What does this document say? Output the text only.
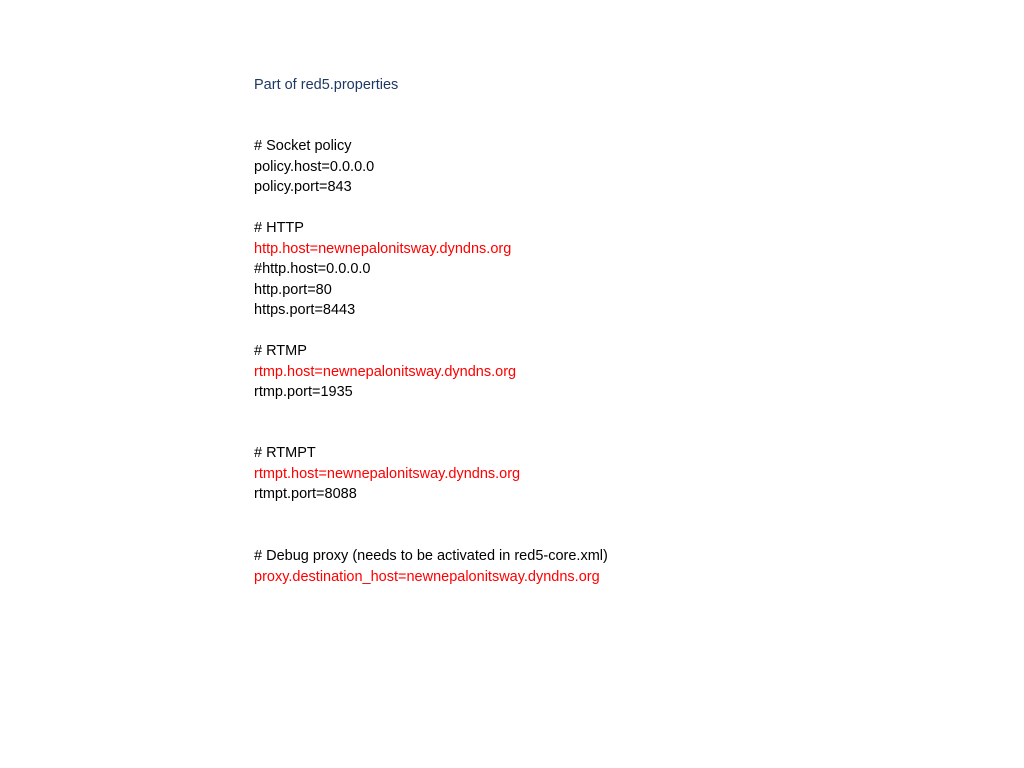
Part of red5.properties

# Socket policy
policy.host=0.0.0.0
policy.port=843
# HTTP
http.host=newnepalonitsway.dyndns.org
#http.host=0.0.0.0
http.port=80
https.port=8443
# RTMP
rtmp.host=newnepalonitsway.dyndns.org
rtmp.port=1935
# RTMPT
rtmpt.host=newnepalonitsway.dyndns.org
rtmpt.port=8088
# Debug proxy (needs to be activated in red5-core.xml)
proxy.destination_host=newnepalonitsway.dyndns.org
